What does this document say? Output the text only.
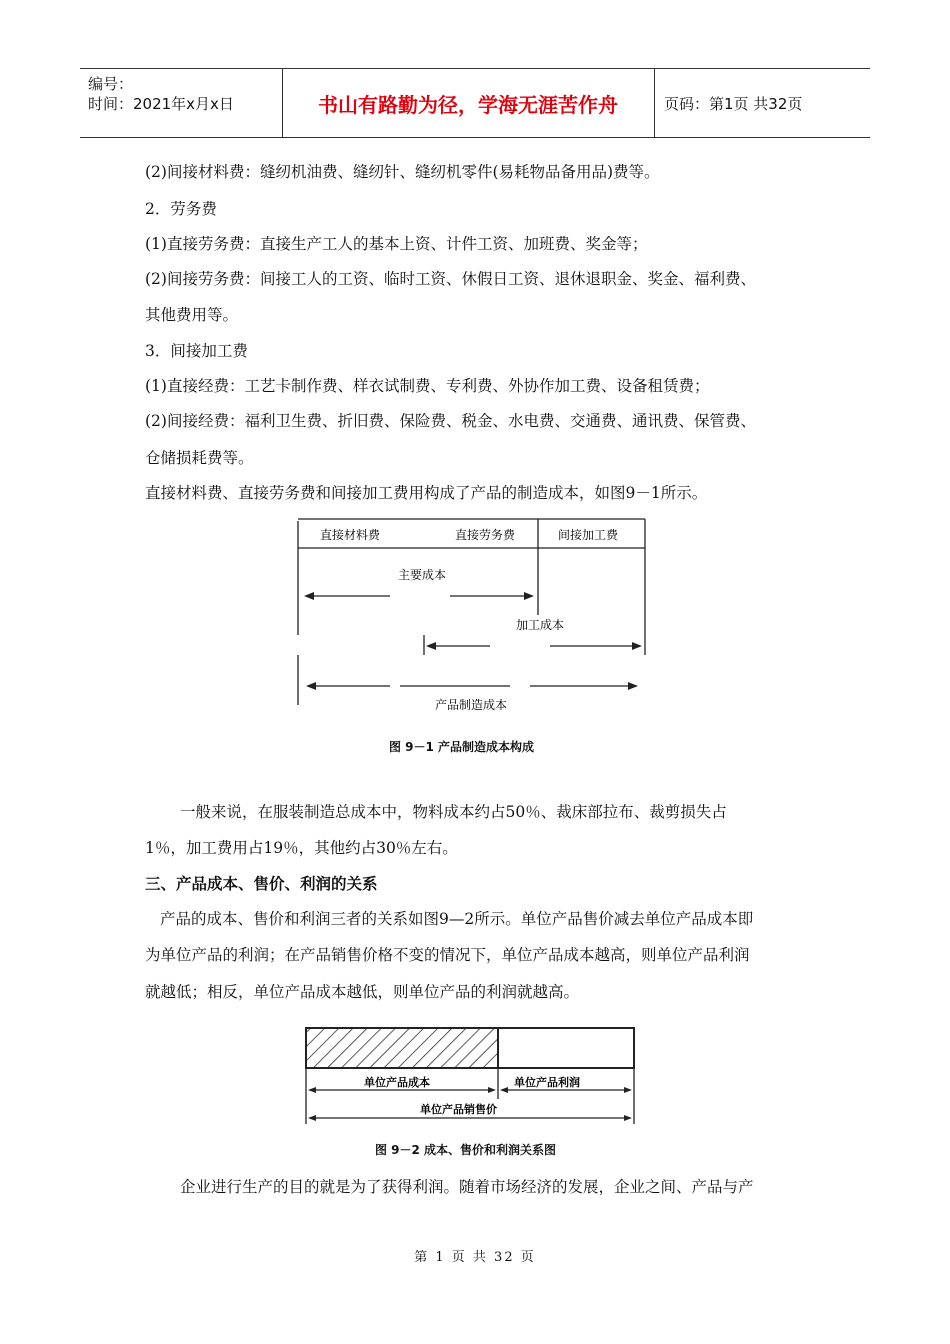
编号：
时间：2021年x月x日	书山有路勤为径，学海无涯苦作舟	页码：第1页 共32页
(2)间接材料费：缝纫机油费、缝纫针、缝纫机零件(易耗物品备用品)费等。
2．劳务费
(1)直接劳务费：直接生产工人的基本上资、计件工资、加班费、奖金等；
(2)间接劳务费：间接工人的工资、临时工资、休假日工资、退休退职金、奖金、福利费、
其他费用等。
3．间接加工费
(1)直接经费：工艺卡制作费、样衣试制费、专利费、外协作加工费、设备租赁费；
(2)间接经费：福利卫生费、折旧费、保险费、税金、水电费、交通费、通讯费、保管费、
仓储损耗费等。
直接材料费、直接劳务费和间接加工费用构成了产品的制造成本，如图9－1所示。
直接材料费	直接劳务费	间接加工费
主要成本
加工成本
产品制造成本
图 9－1 产品制造成本构成
一般来说，在服装制造总成本中，物料成本约占50％、裁床部拉布、裁剪损失占
1％，加工费用占19％，其他约占30％左右。
三、产品成本、售价、利润的关系
产品的成本、售价和利润三者的关系如图9—2所示。单位产品售价减去单位产品成本即
为单位产品的利润；在产品销售价格不变的情况下，单位产品成本越高，则单位产品利润
就越低；相反，单位产品成本越低，则单位产品的利润就越高。
单位产品成本	单位产品利润
单位产品销售价
图 9－2 成本、售价和利润关系图
企业进行生产的目的就是为了获得利润。随着市场经济的发展，企业之间、产品与产
第 1 页 共 32 页
